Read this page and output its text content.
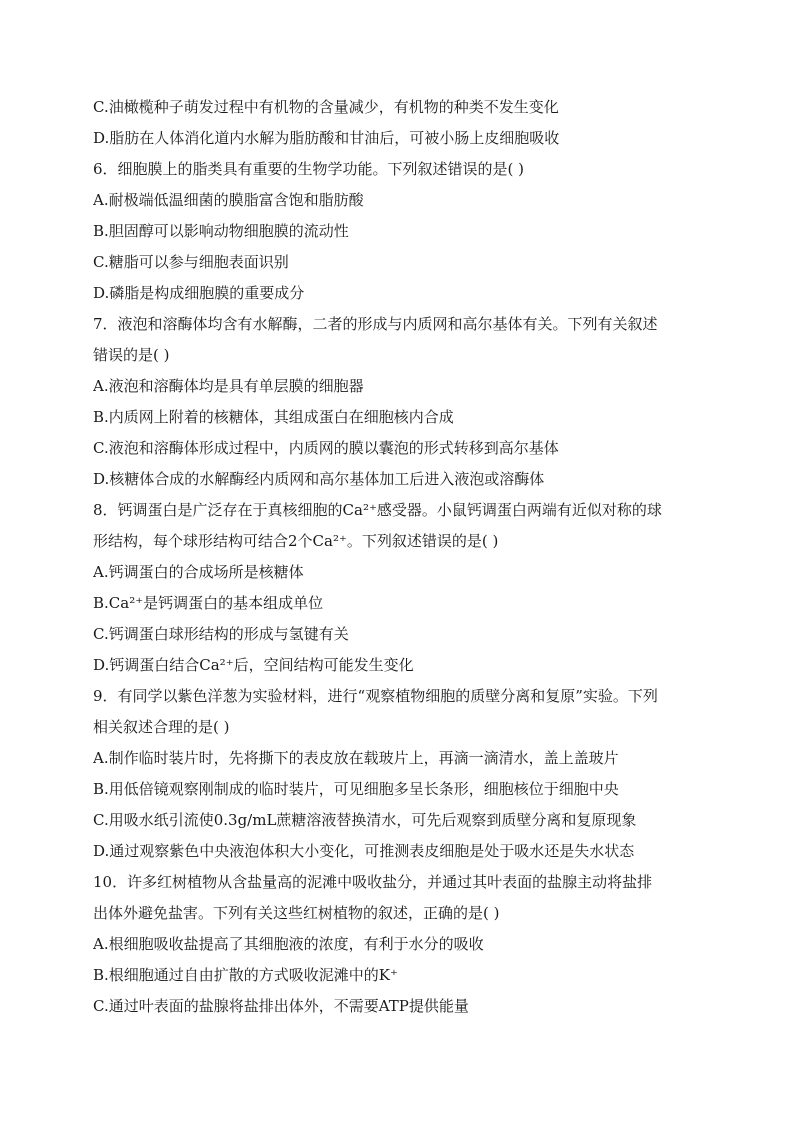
C.油橄榄种子萌发过程中有机物的含量减少，有机物的种类不发生变化
D.脂肪在人体消化道内水解为脂肪酸和甘油后，可被小肠上皮细胞吸收
6．细胞膜上的脂类具有重要的生物学功能。下列叙述错误的是( )
A.耐极端低温细菌的膜脂富含饱和脂肪酸
B.胆固醇可以影响动物细胞膜的流动性
C.糖脂可以参与细胞表面识别
D.磷脂是构成细胞膜的重要成分
7．液泡和溶酶体均含有水解酶，二者的形成与内质网和高尔基体有关。下列有关叙述
错误的是( )
A.液泡和溶酶体均是具有单层膜的细胞器
B.内质网上附着的核糖体，其组成蛋白在细胞核内合成
C.液泡和溶酶体形成过程中，内质网的膜以囊泡的形式转移到高尔基体
D.核糖体合成的水解酶经内质网和高尔基体加工后进入液泡或溶酶体
8．钙调蛋白是广泛存在于真核细胞的Ca²⁺感受器。小鼠钙调蛋白两端有近似对称的球
形结构，每个球形结构可结合2个Ca²⁺。下列叙述错误的是( )
A.钙调蛋白的合成场所是核糖体
B.Ca²⁺是钙调蛋白的基本组成单位
C.钙调蛋白球形结构的形成与氢键有关
D.钙调蛋白结合Ca²⁺后，空间结构可能发生变化
9．有同学以紫色洋葱为实验材料，进行“观察植物细胞的质壁分离和复原”实验。下列
相关叙述合理的是( )
A.制作临时装片时，先将撕下的表皮放在载玻片上，再滴一滴清水，盖上盖玻片
B.用低倍镜观察刚制成的临时装片，可见细胞多呈长条形，细胞核位于细胞中央
C.用吸水纸引流使0.3g/mL蔗糖溶液替换清水，可先后观察到质壁分离和复原现象
D.通过观察紫色中央液泡体积大小变化，可推测表皮细胞是处于吸水还是失水状态
10．许多红树植物从含盐量高的泥滩中吸收盐分，并通过其叶表面的盐腺主动将盐排
出体外避免盐害。下列有关这些红树植物的叙述，正确的是( )
A.根细胞吸收盐提高了其细胞液的浓度，有利于水分的吸收
B.根细胞通过自由扩散的方式吸收泥滩中的K⁺
C.通过叶表面的盐腺将盐排出体外，不需要ATP提供能量
